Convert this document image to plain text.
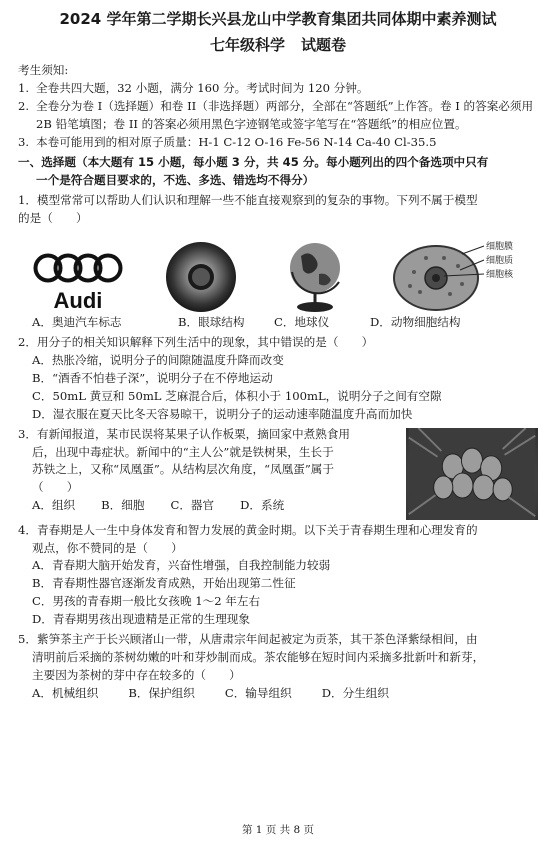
2024 学年第二学期长兴县龙山中学教育集团共同体期中素养测试
七年级科学 试题卷
考生须知:
1. 全卷共四大题，32 小题，满分 160 分。考试时间为 120 分钟。
2. 全卷分为卷 I（选择题）和卷 II（非选择题）两部分，全部在“答题纸”上作答。卷 I 的答案必须用 2B 铅笔填图；卷 II 的答案必须用黑色字迹钢笔或签字笔写在“答题纸”的相应位置。
3. 本卷可能用到的相对原子质量：H-1 C-12 O-16 Fe-56 N-14 Ca-40 Cl-35.5
一、选择题（本大题有 15 小题，每小题 3 分，共 45 分。每小题列出的四个备选项中只有
一个是符合题目要求的，不选、多选、错选均不得分）
1．模型常常可以帮助人们认识和理解一些不能直接观察到的复杂的事物。下列不属于模型
的是（　　）
Audi
细胞膜
细胞质
细胞核
A．奥迪汽车标志	B．眼球结构	C．地球仪	D．动物细胞结构
2．用分子的相关知识解释下列生活中的现象，其中错误的是（　　）
A．热胀冷缩，说明分子的间隙随温度升降而改变
B．“酒香不怕巷子深”，说明分子在不停地运动
C．50mL 黄豆和 50mL 芝麻混合后，体积小于 100mL，说明分子之间有空隙
D．湿衣服在夏天比冬天容易晾干，说明分子的运动速率随温度升高而加快
3．有新闻报道，某市民误将某果子认作板栗，摘回家中煮熟食用
后，出现中毒症状。新闻中的“主人公”就是铁树果，生长于
苏铁之上，又称“凤凰蛋”。从结构层次角度，“凤凰蛋”属于
（　　）
A．组织 B．细胞 C．器官 D．系统
4．青春期是人一生中身体发育和智力发展的黄金时期。以下关于青春期生理和心理发育的
观点，你不赞同的是（　　）
A．青春期大脑开始发育，兴奋性增强，自我控制能力较弱
B．青春期性器官逐渐发育成熟，开始出现第二性征
C．男孩的青春期一般比女孩晚 1～2 年左右
D．青春期男孩出现遗精是正常的生理现象
5．紫笋茶主产于长兴顾渚山一带，从唐肃宗年间起被定为贡茶，其干茶色泽紫绿相间，由
清明前后采摘的茶树幼嫩的叶和芽炒制而成。茶农能够在短时间内采摘多批新叶和新芽，
主要因为茶树的芽中存在较多的（　　）
A．机械组织	B．保护组织	C．输导组织	D．分生组织
第 1 页 共 8 页
